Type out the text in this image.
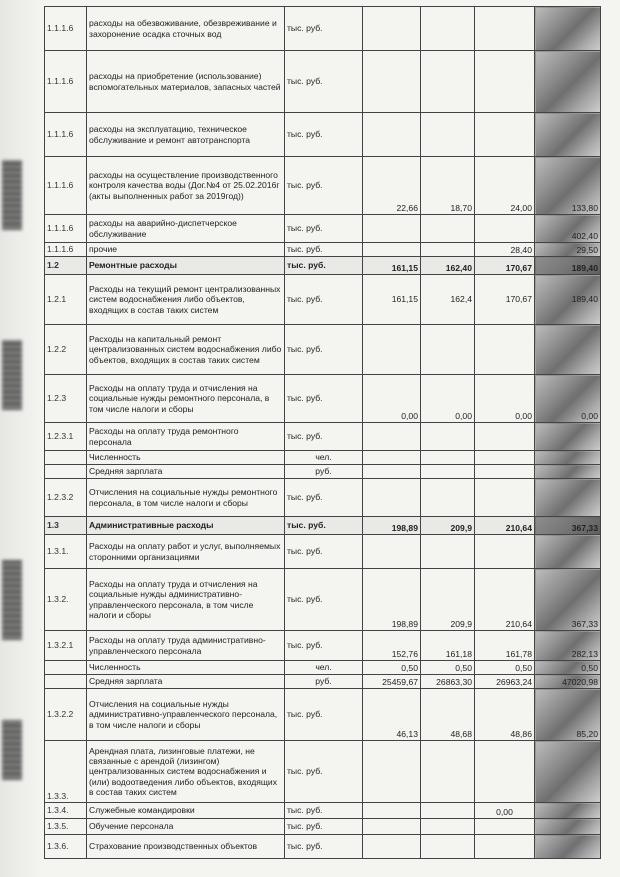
1.1.1.6	расходы на обезвоживание, обезвреживание и захоронение осадка сточных вод	тыс. руб.				
1.1.1.6	расходы на приобретение (использование) вспомогательных материалов, запасных частей	тыс. руб.				
1.1.1.6	расходы на эксплуатацию, техническое обслуживание и ремонт автотранспорта	тыс. руб.				
1.1.1.6	расходы на осуществление производственного контроля качества воды (Дог.№4 от 25.02.2016г (акты выполненных работ за 2019год))	тыс. руб.	22,66	18,70	24,00	133,80
1.1.1.6	расходы на аварийно-диспетчерское обслуживание	тыс. руб.				402,40
1.1.1.6	прочие	тыс. руб.			28,40	29,50
1.2	Ремонтные расходы	тыс. руб.	161,15	162,40	170,67	189,40
1.2.1	Расходы на текущий ремонт централизованных систем водоснабжения либо объектов, входящих в состав таких систем	тыс. руб.	161,15	162,4	170,67	189,40
1.2.2	Расходы на капитальный ремонт централизованных систем водоснабжения либо объектов, входящих в состав таких систем	тыс. руб.				
1.2.3	Расходы на оплату труда и отчисления на социальные нужды ремонтного персонала, в том числе налоги и сборы	тыс. руб.	0,00	0,00	0,00	0,00
1.2.3.1	Расходы на оплату труда ремонтного персонала	тыс. руб.				
	Численность	чел.				
	Средняя зарплата	руб.				
1.2.3.2	Отчисления на социальные нужды ремонтного персонала, в том числе налоги и сборы	тыс. руб.				
1.3	Административные расходы	тыс. руб.	198,89	209,9	210,64	367,33
1.3.1.	Расходы на оплату работ и услуг, выполняемых сторонними организациями	тыс. руб.				
1.3.2.	Расходы на оплату труда и отчисления на социальные нужды административно-управленческого персонала, в том числе налоги и сборы	тыс. руб.	198,89	209,9	210,64	367,33
1.3.2.1	Расходы на оплату труда административно-управленческого персонала	тыс. руб.	152,76	161,18	161,78	282,13
	Численность	чел.	0,50	0,50	0,50	0,50
	Средняя зарплата	руб.	25459,67	26863,30	26963,24	47020,98
1.3.2.2	Отчисления на социальные нужды административно-управленческого персонала, в том числе налоги и сборы	тыс. руб.	46,13	48,68	48,86	85,20
1.3.3.	Арендная плата, лизинговые платежи, не связанные с арендой (лизингом) централизованных систем водоснабжения и (или) водоотведения либо объектов, входящих в состав таких систем	тыс. руб.				
1.3.4.	Служебные командировки	тыс. руб.			0,00	
1.3.5.	Обучение персонала	тыс. руб.				
1.3.6.	Страхование производственных объектов	тыс. руб.				
